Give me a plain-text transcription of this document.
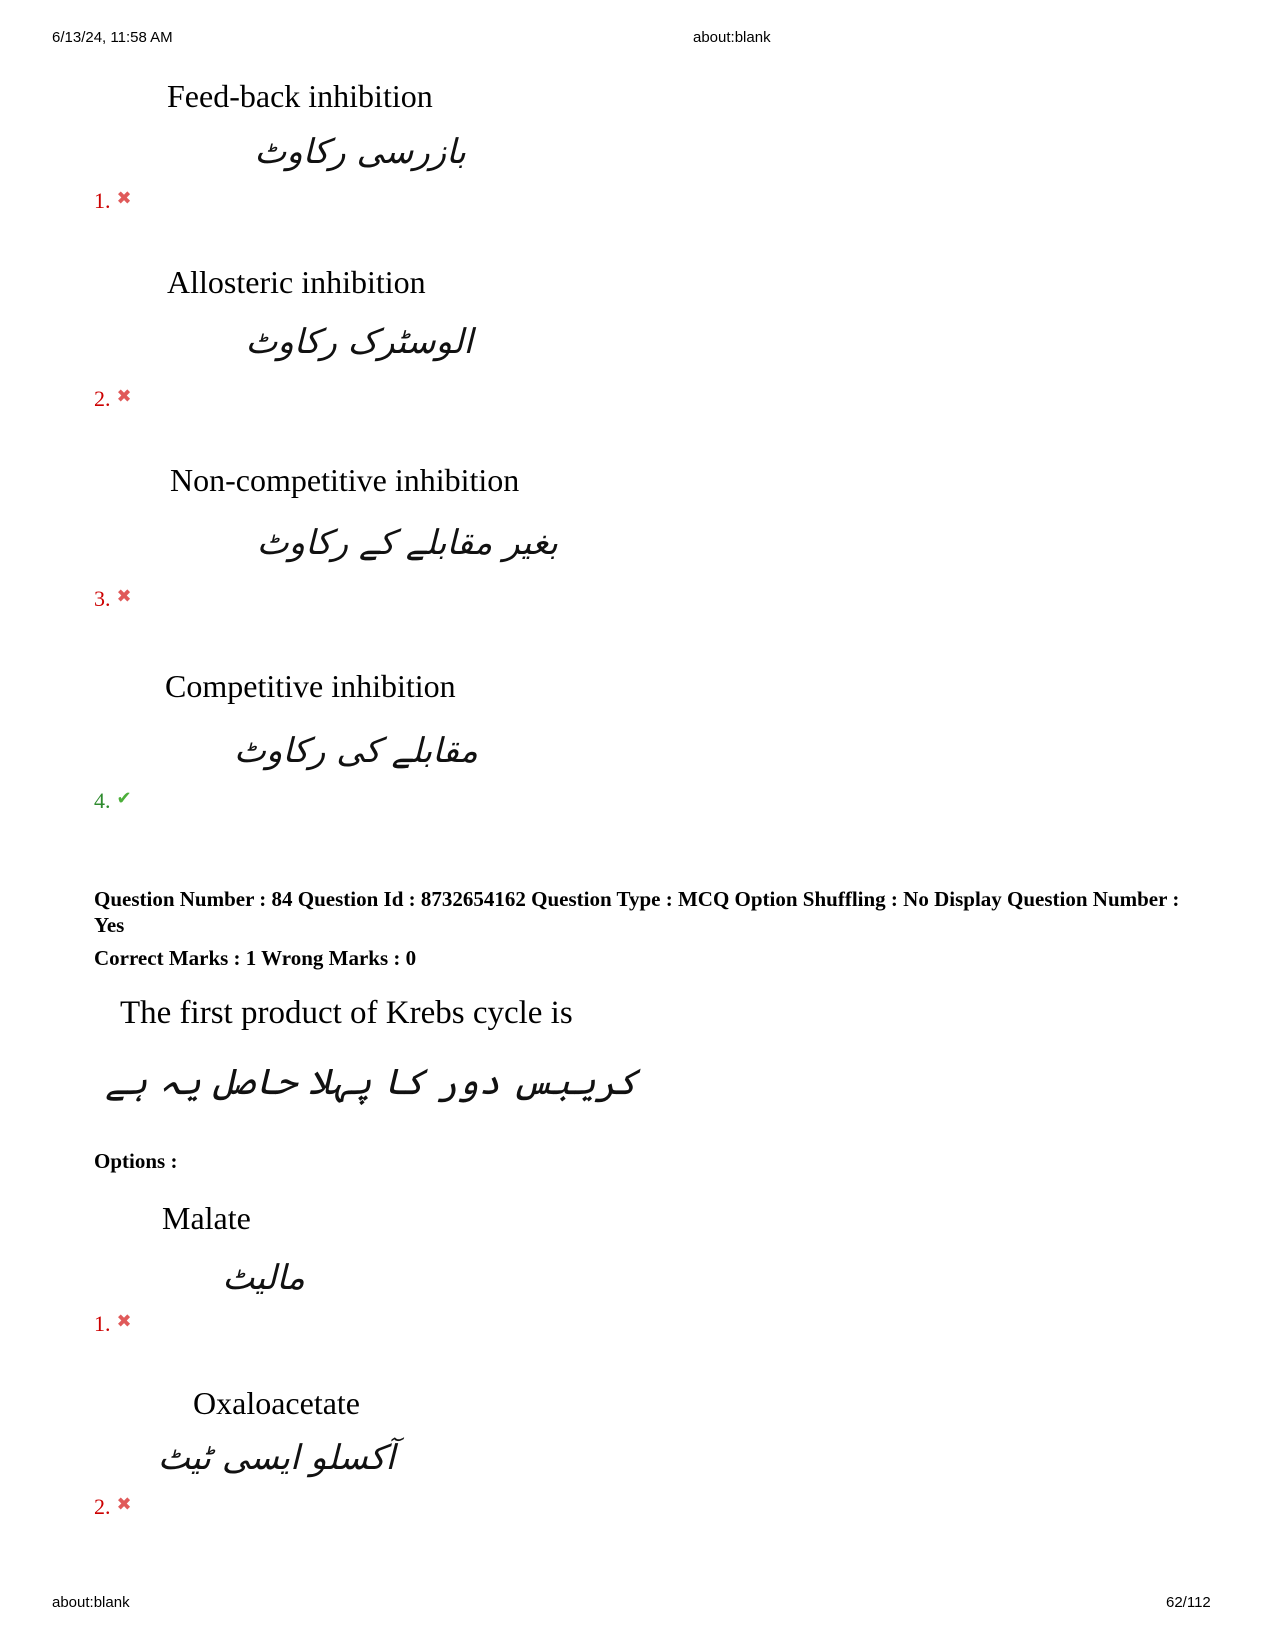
6/13/24, 11:58 AM	about:blank
Feed-back inhibition
بازرسی رکاوٹ
1. ✖
Allosteric inhibition
الوسٹرک رکاوٹ
2. ✖
Non-competitive inhibition
بغیر مقابلے کے رکاوٹ
3. ✖
Competitive inhibition
مقابلے کی رکاوٹ
4. ✔
Question Number : 84 Question Id : 8732654162 Question Type : MCQ Option Shuffling : No Display Question Number : Yes
Correct Marks : 1 Wrong Marks : 0
The first product of Krebs cycle is
کریبس دور کا پہلا حاصل یہ ہے
Options :
Malate
مالیٹ
1. ✖
Oxaloacetate
آکسلو ایسی ٹیٹ
2. ✖
about:blank	62/112
